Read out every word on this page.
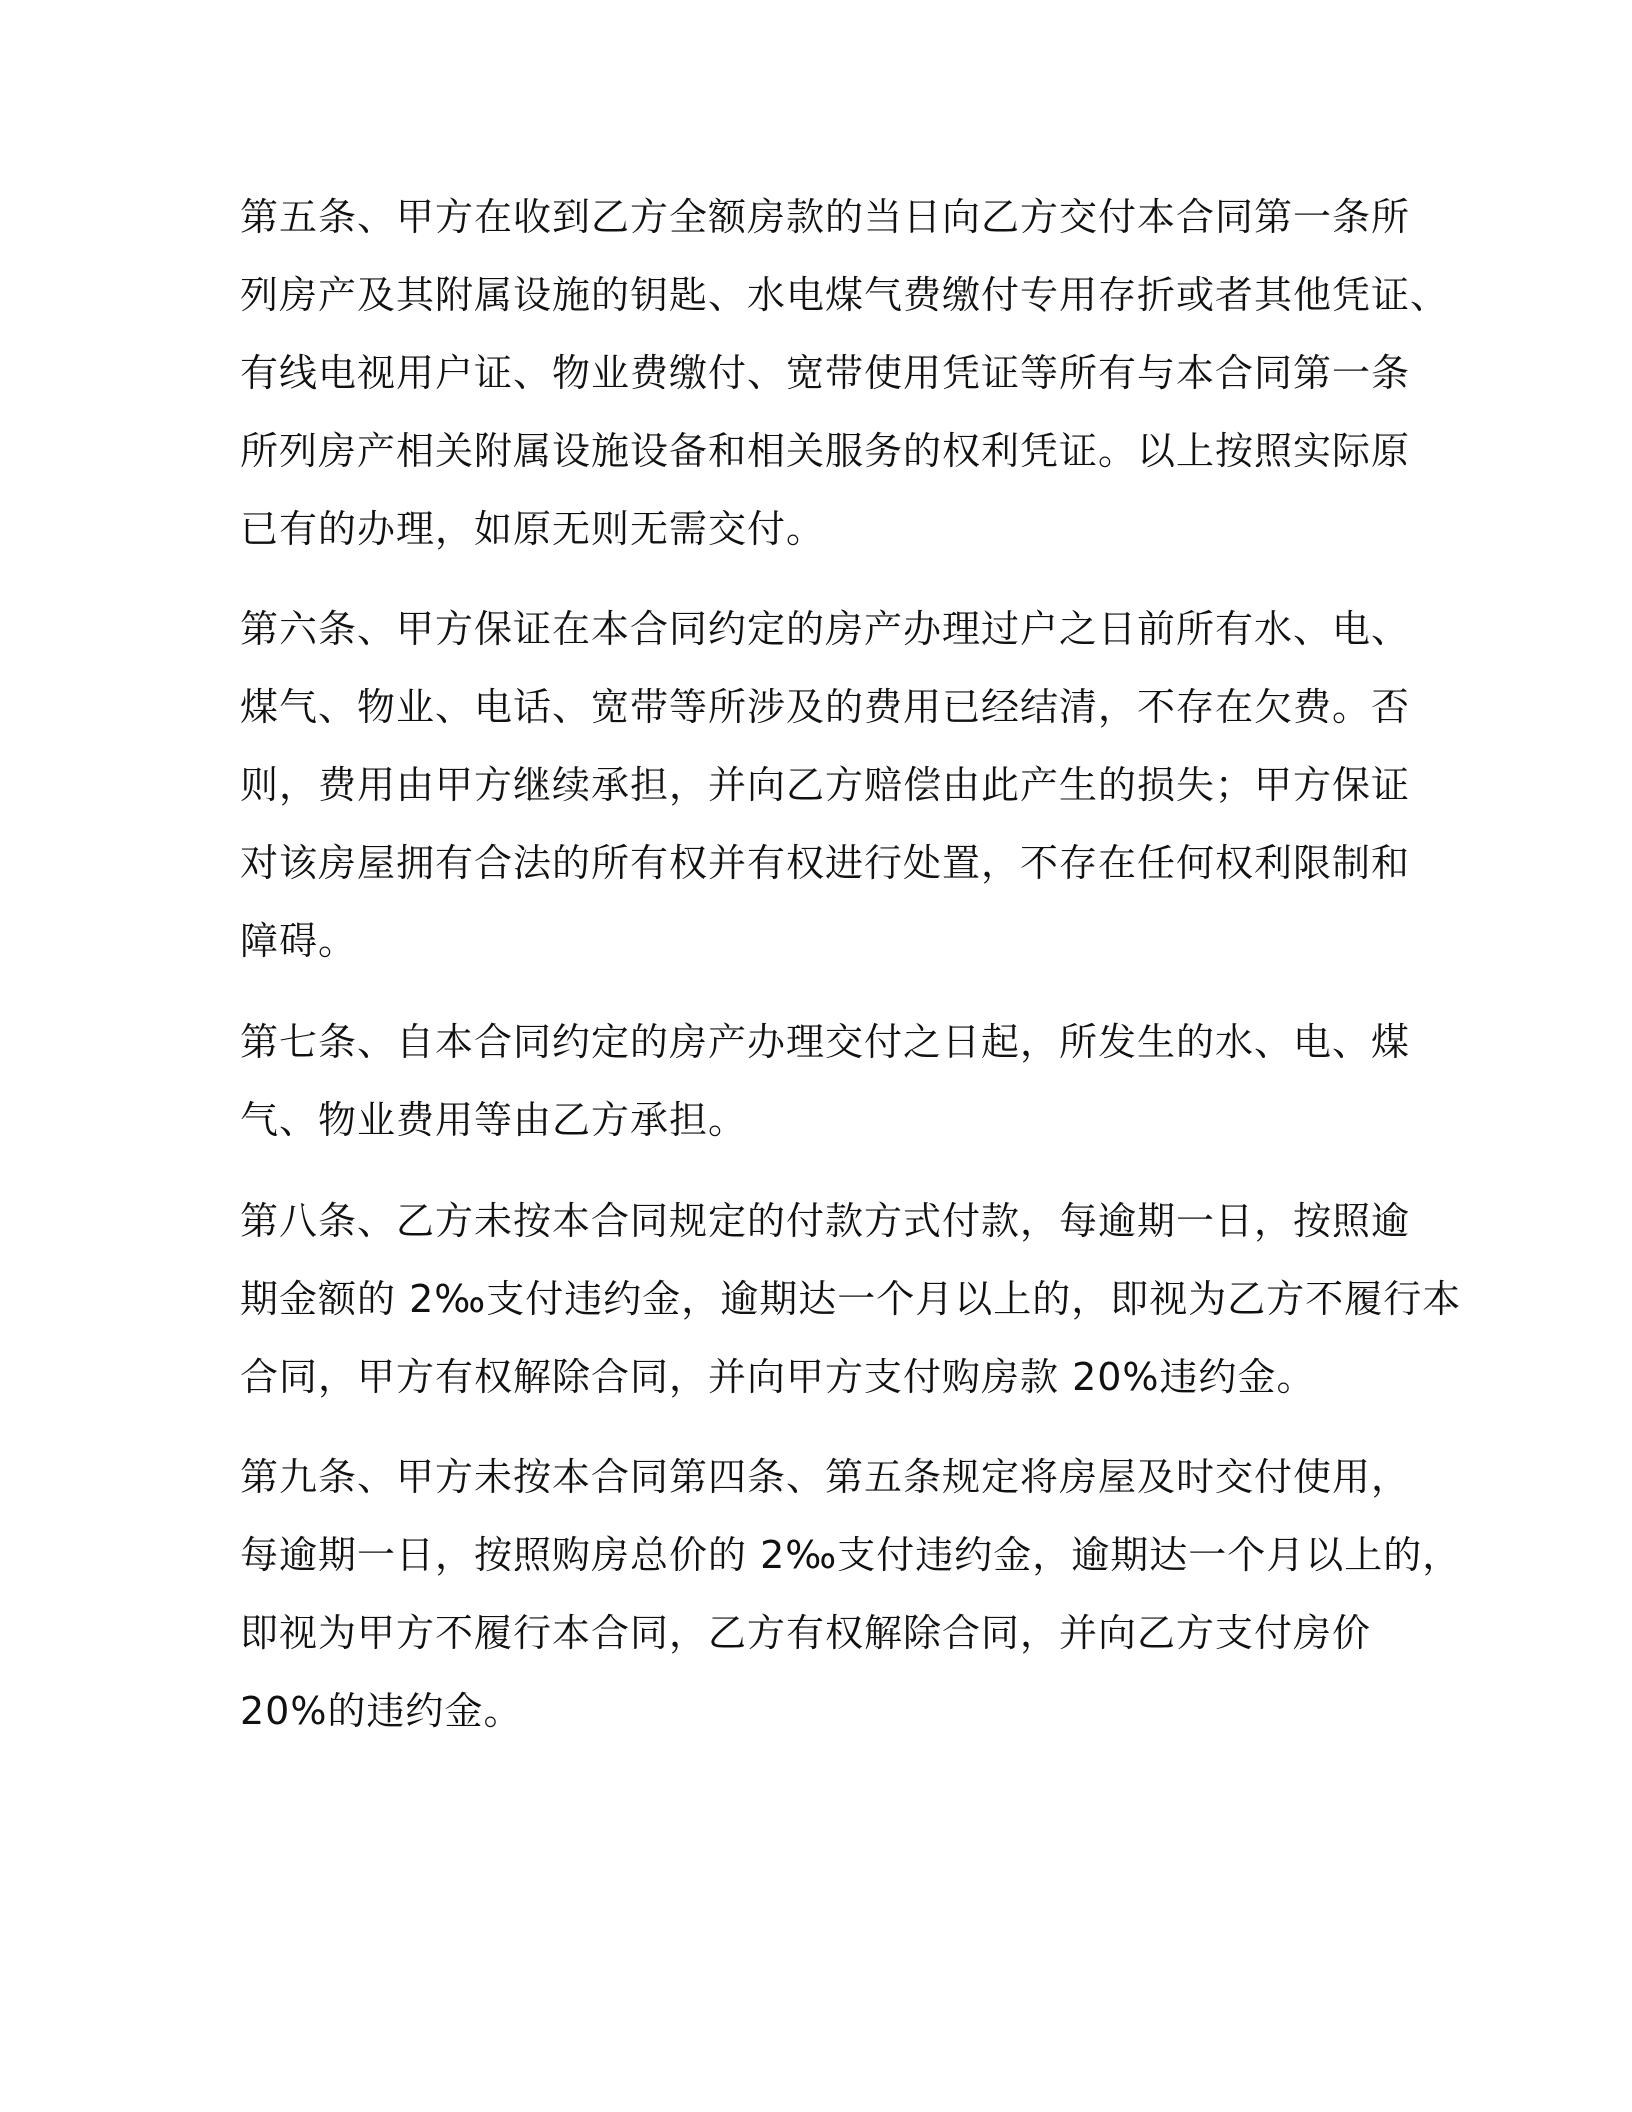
第五条、甲方在收到乙方全额房款的当日向乙方交付本合同第一条所
列房产及其附属设施的钥匙、水电煤气费缴付专用存折或者其他凭证、
有线电视用户证、物业费缴付、宽带使用凭证等所有与本合同第一条
所列房产相关附属设施设备和相关服务的权利凭证。以上按照实际原
已有的办理，如原无则无需交付。
第六条、甲方保证在本合同约定的房产办理过户之日前所有水、电、
煤气、物业、电话、宽带等所涉及的费用已经结清，不存在欠费。否
则，费用由甲方继续承担，并向乙方赔偿由此产生的损失；甲方保证
对该房屋拥有合法的所有权并有权进行处置，不存在任何权利限制和
障碍。
第七条、自本合同约定的房产办理交付之日起，所发生的水、电、煤
气、物业费用等由乙方承担。
第八条、乙方未按本合同规定的付款方式付款，每逾期一日，按照逾
期金额的 2‰支付违约金，逾期达一个月以上的，即视为乙方不履行本
合同，甲方有权解除合同，并向甲方支付购房款 20%违约金。
第九条、甲方未按本合同第四条、第五条规定将房屋及时交付使用，
每逾期一日，按照购房总价的 2‰支付违约金，逾期达一个月以上的，
即视为甲方不履行本合同，乙方有权解除合同，并向乙方支付房价
20%的违约金。
